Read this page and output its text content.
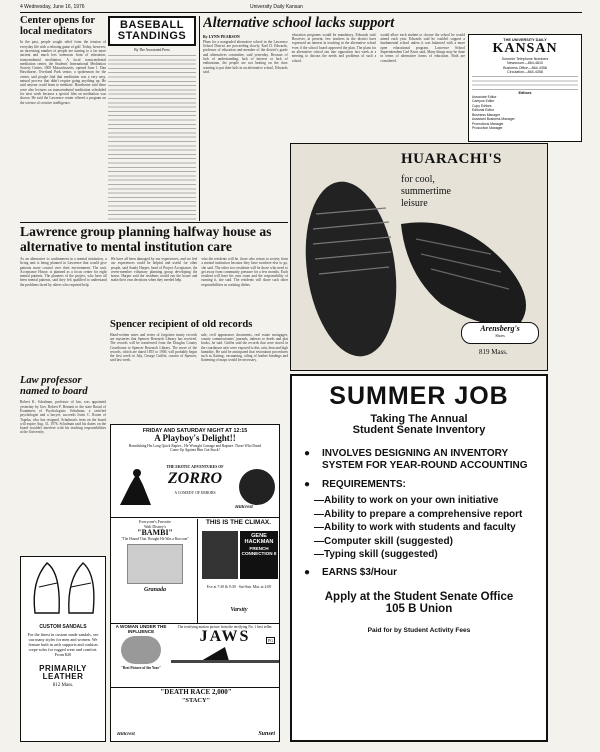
4 Wednesday, June 16, 1976	University Daily Kansan
Center opens for local meditators
In the past, people sought relief from the tension of everyday life with a relaxing game of golf. Today, however, an increasing number of people are turning to a far more ancient and much less strenuous form of relaxation, transcendental meditation. A local transcendental meditation center, the Students' International Meditation Society Center, 1005 Massachusetts, opened June 1. Dan Hawthorne, Overland Park senior, a spokesman for the center, said people find that meditation was a very easy, natural process that didn't require going anything up. He said anyone could learn to meditate. Hawthorne said there were also lectures on transcendental meditation scheduled for next week because a special film on meditation was shown. He said the Lawrence center offered a program on the science of creative intelligence.
BASEBALL
STANDINGS
By The Associated Press
Alternative school lacks support
By LYNN PEARSON
Plans for a nongraded alternative school in the Lawrence School District are proceeding slowly, Karl D. Edwards, professor of education and member of the district's grade and alternatives committee, said yesterday. Because of lack of understanding, lack of interest or lack of enthusiasm, the people are not beating on the door wanting to put their kids in an alternative school, Edwards said.
education programs would be mandatory, Edwards said. However, at present, few teachers in the district have expressed an interest in teaching in the alternative school even if the school board approved the plan. The plans for an alternative school ran into opposition last week at a meeting to discuss the needs and problems of such a school.
would allow each student to choose the school he would attend each year. Edwards said he couldn't support a fundamental school unless it was balanced with a more open educational program. Lawrence School Superintendent Carl Knox said, Many things may be done in terms of alternative forms of education. Both are considered.
THE UNIVERSITY DAILY
KANSAN
Summer Telephone Numbers
Newsroom—864-4810
Business Office—864-4358
Circulation—864-4358
Editors
Associate Editor
Campus Editor
Copy Editors
Editorial Editor
Business Manager
Assistant Business Manager
Promotions Manager
Production Manager
HUARACHI'S
for cool,
summertime
leisure
Arensberg's
Shoes
819 Mass.
Lawrence group planning halfway house as alternative to mental institution care
As an alternative to confinement in a mental institution, a living unit is being planned in Lawrence that would give patients more control over their environment. The unit, Acceptance House, is planned as a focus center for eight mental patients. The planners of the project, who have all been mental patients, said they felt qualified to understand the problems faced by others who required help.
We have all been damaged by our experiences, and we feel our experiences could be helpful and useful for other people, said Sandy Harper, head of Project Acceptance, the seven-member voluntary planning group developing the house. Harper said the residents would run the house and make their own decisions when they needed help.
who the residents will be, those who return to society from a mental institution because they have nowhere else to go, she said. The other two residents will be those who need to get away from community pressure for a few months. Each resident will have his own room and the responsibility of running it, she said. The residents will share such other responsibilities as washing dishes.
Spencer recipient of old records
Hand-written notes and series of forgotten musty records are mysteries that Spencer Research Library has received. The records will be transferred from the Douglas County Courthouse to Spencer Research Library. The move of the records, which are dated 1855 to 1900, will probably begin the first week in July, George Griffin, curator of Spencer, said last week.
sale, civil appearance documents, real estate mortgages, county commissioners' journals, indexes to deeds and plat books, he said. Griffin said the records that were stored in the courthouse attic were exposed to dirt, rain, heat and high humidity. He said he anticipated that restoration procedures such as flatting, vacuuming, oiling of leather bindings and flattening of maps would be necessary.
Law professor
named to board
Robert K. Schulman, professor of law, was appointed yesterday by Gov. Robert F. Bennett to the state Board of Examiners of Psychologists. Schulman, a certified psychologist and a lawyer, succeeds Irwin C. Rosen of Topeka, who has resigned. Schulman's term on the board will expire Aug. 31, 1976. Schulman said his duties on the board wouldn't interfere with his teaching responsibilities at the University.	FRIDAY AND SATURDAY NIGHT AT 12:15
A Playboy's Delight!!
Brandishing His Long Quick Rapier... He Wrought Carnage and Rapture. Those Who Dared Come Up Against Him Got Stuck!
THE EROTIC ADVENTURES OF
ZORRO
A COMEDY OF ERRORS
Hillcrest
Everyone's Favorite
Walt Disney's
"BAMBI"
"The Hound That Thought He Was a Raccoon"
Granada
THIS IS THE CLIMAX.
GENE
HACKMAN
FRENCH CONNECTION II
Eve at 7:30 & 9:30 · Sat-Sun. Mat. at 2:00
Varsity
A WOMAN UNDER THE INFLUENCE
"Best Picture of the Year"
The terrifying motion picture from the terrifying No. 1 best seller.
JAWS	PG
"DEATH RACE 2,000"
"STACY"
Sunset
Hillcrest
CUSTOM SANDALS
For the finest in custom made sandals, see our many styles for men and women. We feature built in arch supports and cushion crepe soles for rugged wear and comfort. From $20
PRIMARILY
LEATHER
812 Mass.
SUMMER JOB
Taking The Annual
Student Senate Inventory
● INVOLVES DESIGNING AN INVENTORY SYSTEM FOR YEAR-ROUND ACCOUNTING
● REQUIREMENTS:
—Ability to work on your own initiative
—Ability to prepare a comprehensive report
—Ability to work with students and faculty
—Computer skill (suggested)
—Typing skill (suggested)
● EARNS $3/Hour
Apply at the Student Senate Office
105 B Union
Paid for by Student Activity Fees
